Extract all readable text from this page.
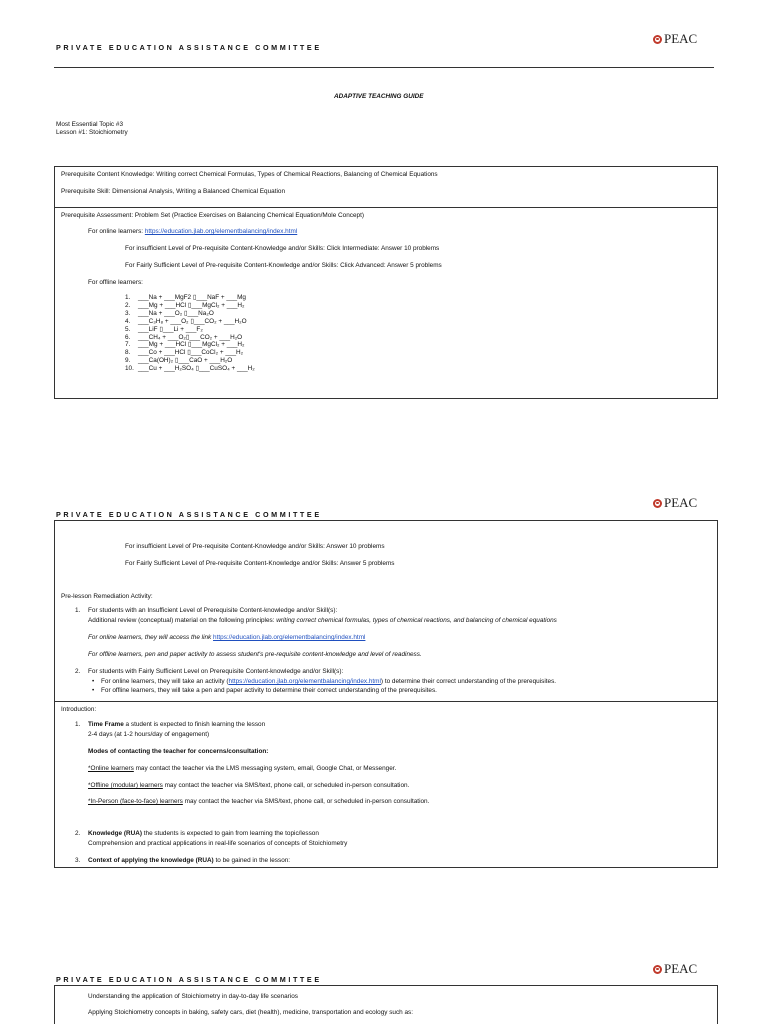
PRIVATE EDUCATION ASSISTANCE COMMITTEE
PEAC
ADAPTIVE TEACHING GUIDE
Most Essential Topic #3
Lesson #1: Stoichiometry
Prerequisite Content Knowledge: Writing correct Chemical Formulas, Types of Chemical Reactions, Balancing of Chemical Equations
Prerequisite Skill: Dimensional Analysis, Writing a Balanced Chemical Equation
Prerequisite Assessment: Problem Set (Practice Exercises on Balancing Chemical Equation/Mole Concept)
For online learners: https://education.jlab.org/elementbalancing/index.html
For insufficient Level of Pre-requisite Content-Knowledge and/or Skills: Click Intermediate: Answer 10 problems
For Fairly Sufficient Level of Pre-requisite Content-Knowledge and/or Skills: Click Advanced: Answer 5 problems
For offline learners:
1. ___Na + ___MgF2 ▯___NaF + ___Mg
2. ___Mg + ___HCl ▯___MgCl₂ + ___H₂
3. ___Na + ___O₂ ▯___Na₂O
4. ___C₃H₈ + ___O₂ ▯___CO₂ + ___H₂O
5. ___LiF ▯___Li + ___F₂
6. ___CH₄ + ___O₂▯___CO₂ + ___H₂O
7. ___Mg + ___HCl ▯___MgCl₂ + ___H₂
8. ___Co + ___HCl ▯___CoCl₂ + ___H₂
9. ___Ca(OH)₂ ▯___CaO + ___H₂O
10. ___Cu + ___H₂SO₄ ▯___CuSO₄ + ___H₂
PRIVATE EDUCATION ASSISTANCE COMMITTEE
PEAC
For insufficient Level of Pre-requisite Content-Knowledge and/or Skills: Answer 10 problems
For Fairly Sufficient Level of Pre-requisite Content-Knowledge and/or Skills: Answer 5 problems
Pre-lesson Remediation Activity:
1. For students with an Insufficient Level of Prerequisite Content-knowledge and/or Skill(s):
Additional review (conceptual) material on the following principles: writing correct chemical formulas, types of chemical reactions, and balancing of chemical equations
For online learners, they will access the link https://education.jlab.org/elementbalancing/index.html
For offline learners, pen and paper activity to assess student's pre-requisite content-knowledge and level of readiness.
2. For students with Fairly Sufficient Level on Prerequisite Content-knowledge and/or Skill(s):
• For online learners, they will take an activity (https://education.jlab.org/elementbalancing/index.html) to determine their correct understanding of the prerequisites.
• For offline learners, they will take a pen and paper activity to determine their correct understanding of the prerequisites.
Introduction:
1. Time Frame a student is expected to finish learning the lesson
2-4 days (at 1-2 hours/day of engagement)
Modes of contacting the teacher for concerns/consultation:
*Online learners may contact the teacher via the LMS messaging system, email, Google Chat, or Messenger.
*Offline (modular) learners may contact the teacher via SMS/text, phone call, or scheduled in-person consultation.
*In-Person (face-to-face) learners may contact the teacher via SMS/text, phone call, or scheduled in-person consultation.
2. Knowledge (RUA) the students is expected to gain from learning the topic/lesson
Comprehension and practical applications in real-life scenarios of concepts of Stoichiometry
3. Context of applying the knowledge (RUA) to be gained in the lesson:
PRIVATE EDUCATION ASSISTANCE COMMITTEE
PEAC
Understanding the application of Stoichiometry in day-to-day life scenarios
Applying Stoichiometry concepts in baking, safety cars, diet (health), medicine, transportation and ecology such as:
